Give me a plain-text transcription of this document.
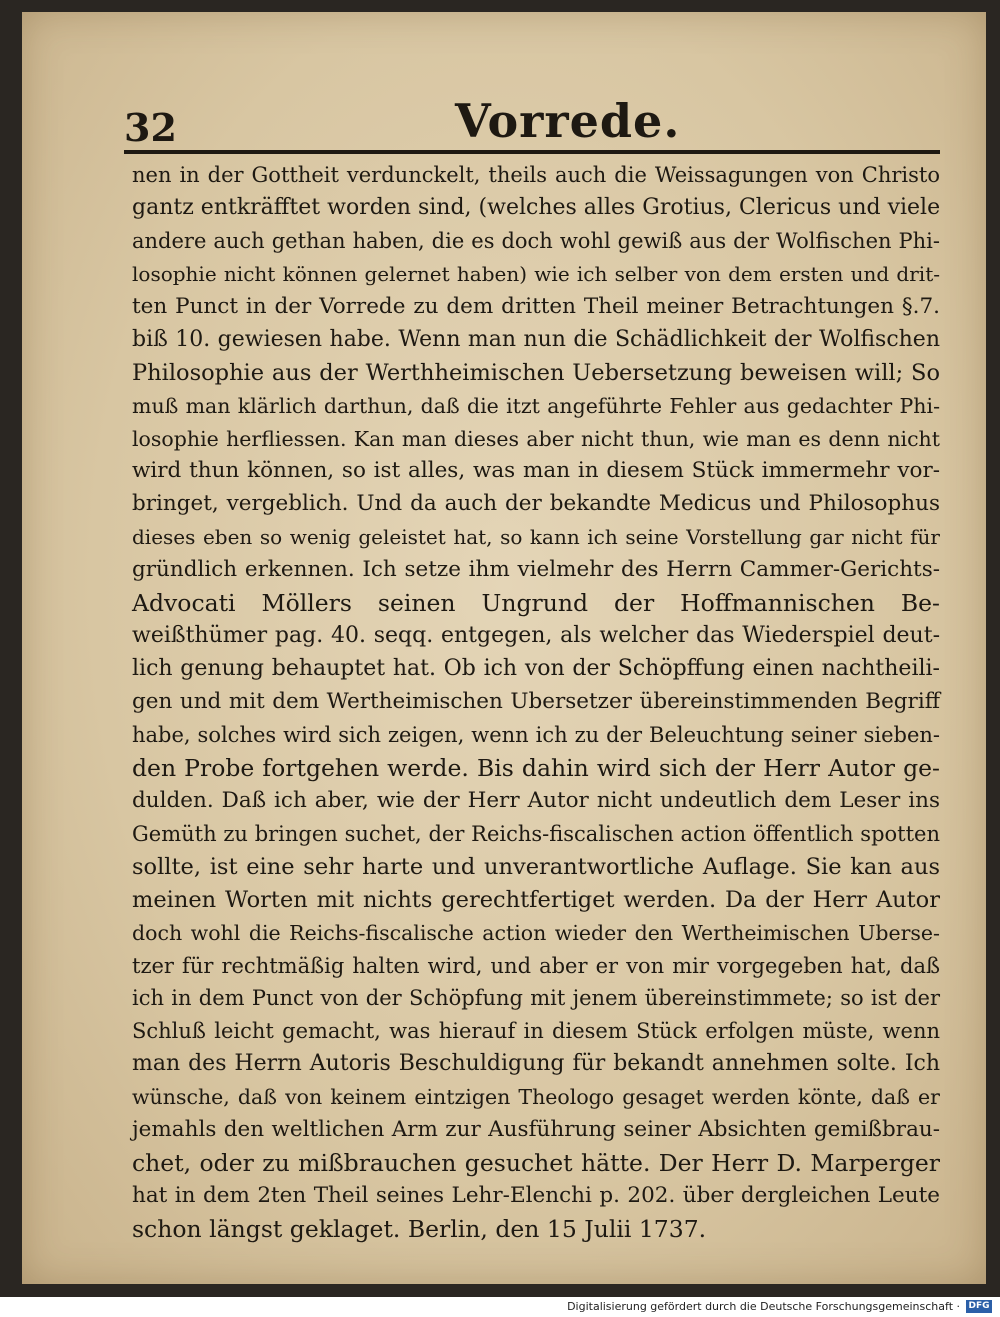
32	Vorrede.
nen in der Gottheit verdunckelt, theils auch die Weissagungen von Christo
gantz entkräfftet worden sind, (welches alles Grotius, Clericus und viele
andere auch gethan haben, die es doch wohl gewiß aus der Wolfischen Phi-
losophie nicht können gelernet haben) wie ich selber von dem ersten und drit-
ten Punct in der Vorrede zu dem dritten Theil meiner Betrachtungen §.7.
biß 10. gewiesen habe. Wenn man nun die Schädlichkeit der Wolfischen
Philosophie aus der Werthheimischen Uebersetzung beweisen will; So
muß man klärlich darthun, daß die itzt angeführte Fehler aus gedachter Phi-
losophie herfliessen. Kan man dieses aber nicht thun, wie man es denn nicht
wird thun können, so ist alles, was man in diesem Stück immermehr vor-
bringet, vergeblich. Und da auch der bekandte Medicus und Philosophus
dieses eben so wenig geleistet hat, so kann ich seine Vorstellung gar nicht für
gründlich erkennen. Ich setze ihm vielmehr des Herrn Cammer-Gerichts-
Advocati Möllers seinen Ungrund der Hoffmannischen Be-
weißthümer pag. 40. seqq. entgegen, als welcher das Wiederspiel deut-
lich genung behauptet hat. Ob ich von der Schöpffung einen nachtheili-
gen und mit dem Wertheimischen Ubersetzer übereinstimmenden Begriff
habe, solches wird sich zeigen, wenn ich zu der Beleuchtung seiner sieben-
den Probe fortgehen werde. Bis dahin wird sich der Herr Autor ge-
dulden. Daß ich aber, wie der Herr Autor nicht undeutlich dem Leser ins
Gemüth zu bringen suchet, der Reichs-fiscalischen action öffentlich spotten
sollte, ist eine sehr harte und unverantwortliche Auflage. Sie kan aus
meinen Worten mit nichts gerechtfertiget werden. Da der Herr Autor
doch wohl die Reichs-fiscalische action wieder den Wertheimischen Uberse-
tzer für rechtmäßig halten wird, und aber er von mir vorgegeben hat, daß
ich in dem Punct von der Schöpfung mit jenem übereinstimmete; so ist der
Schluß leicht gemacht, was hierauf in diesem Stück erfolgen müste, wenn
man des Herrn Autoris Beschuldigung für bekandt annehmen solte. Ich
wünsche, daß von keinem eintzigen Theologo gesaget werden könte, daß er
jemahls den weltlichen Arm zur Ausführung seiner Absichten gemißbrau-
chet, oder zu mißbrauchen gesuchet hätte. Der Herr D. Marperger
hat in dem 2ten Theil seines Lehr-Elenchi p. 202. über dergleichen Leute
schon längst geklaget. Berlin, den 15 Julii 1737.
Digitalisierung gefördert durch die Deutsche Forschungsgemeinschaft · DFG
